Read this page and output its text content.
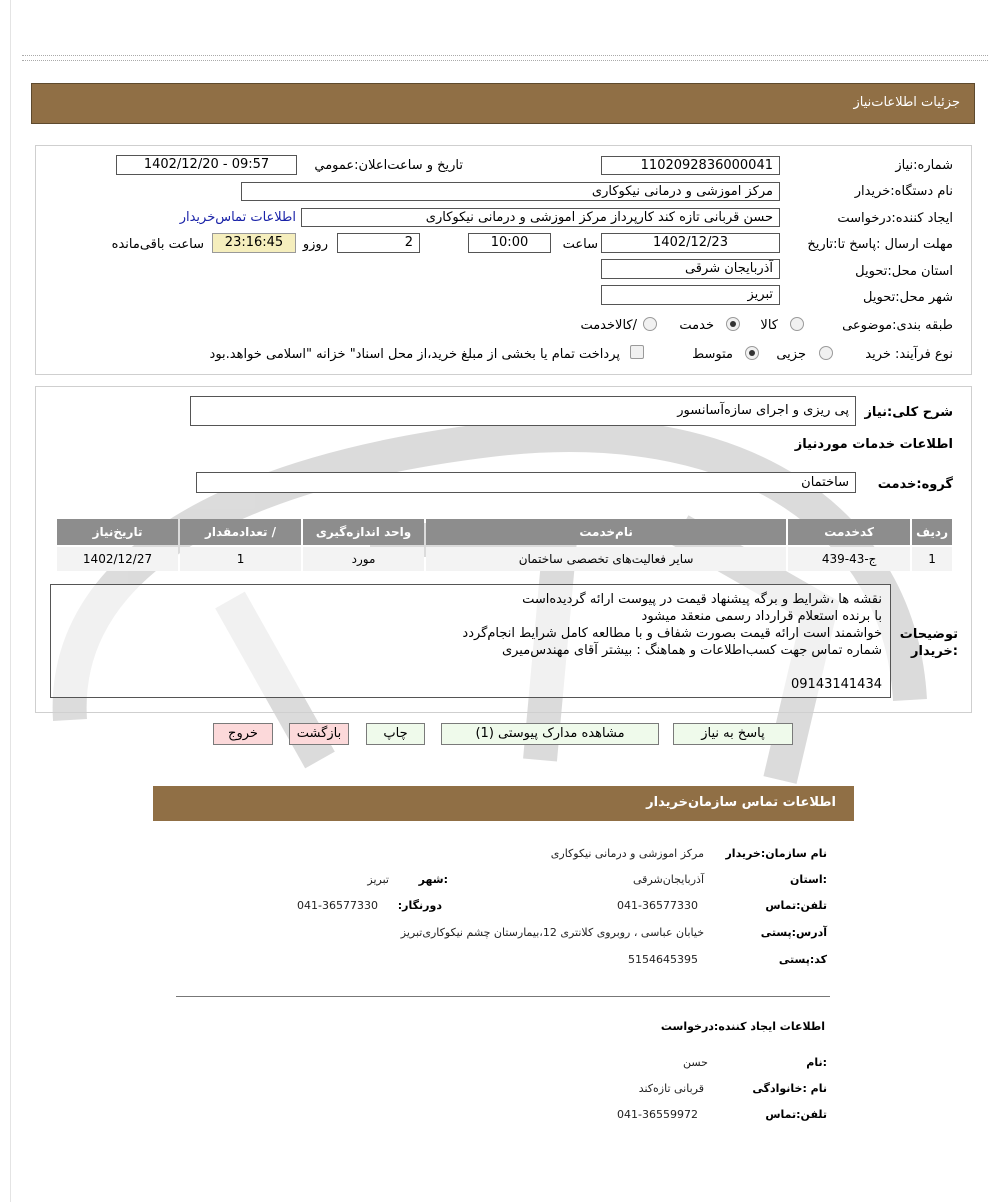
جزئیات اطلاعات‌نیاز
شماره:نیاز
1102092836000041
تاریخ و ساعت‌اعلان:عمومي
1402/12/20 - 09:57
نام دستگاه:خریدار
مرکز اموزشی و درمانی نیکوکاری
ایجاد کننده:درخواست
حسن قربانی تازه کند کارپرداز مرکز اموزشی و درمانی نیکوکاری
اطلاعات تماس‌خریدار
مهلت ارسال :پاسخ تا:تاریخ
1402/12/23
ساعت
10:00
2
روزو
23:16:45
ساعت باقی‌مانده
استان محل:تحویل
آذربایجان شرقی
شهر محل:تحویل
تبریز
طبقه بندی:موضوعی
کالا
خدمت
/کالاخدمت
نوع فرآیند: خرید
جزیی
متوسط
پرداخت تمام یا بخشی از مبلغ خرید،از محل اسناد" خزانه "اسلامی خواهد.بود
شرح کلی:نیاز
پی ریزی و اجرای سازه‌آسانسور
اطلاعات خدمات موردنیاز
گروه:خدمت
ساختمان
ردیف	کدخدمت	نام‌خدمت	واحد اندازه‌گیری	/ تعدادمقدار	تاریخ‌نیاز
1	ج-43-439	سایر فعالیت‌های تخصصی ساختمان	مورد	1	1402/12/27
توضیحات :خریدار
نقشه ها ،شرایط و برگه پیشنهاد قیمت در پیوست ارائه گردیده‌است
با برنده استعلام قرارداد رسمی منعقد میشود
خواشمند است ارائه قیمت بصورت شفاف و با مطالعه کامل شرایط انجام‌گردد
شماره تماس جهت کسب‌اطلاعات و هماهنگ : بیشتر آقای مهندس‌میری
09143141434
پاسخ به نیاز
مشاهده مدارک پیوستی (1)
چاپ
بازگشت
خروج
اطلاعات تماس سازمان‌خریدار
نام سازمان:خریدار
مرکز اموزشی و درمانی نیکوکاری
:استان
آذربایجان‌شرقی
:شهر
تبریز
تلفن:تماس
041-36577330
دورنگار:
041-36577330
آدرس:پستی
خیابان عباسی ، روبروی کلانتری 12،بیمارستان چشم نیکوکاری‌تبریز
کد:پستی
5154645395
اطلاعات ایجاد کننده:درخواست
:نام
حسن
نام :خانوادگی
قربانی تازه‌کند
تلفن:تماس
041-36559972
